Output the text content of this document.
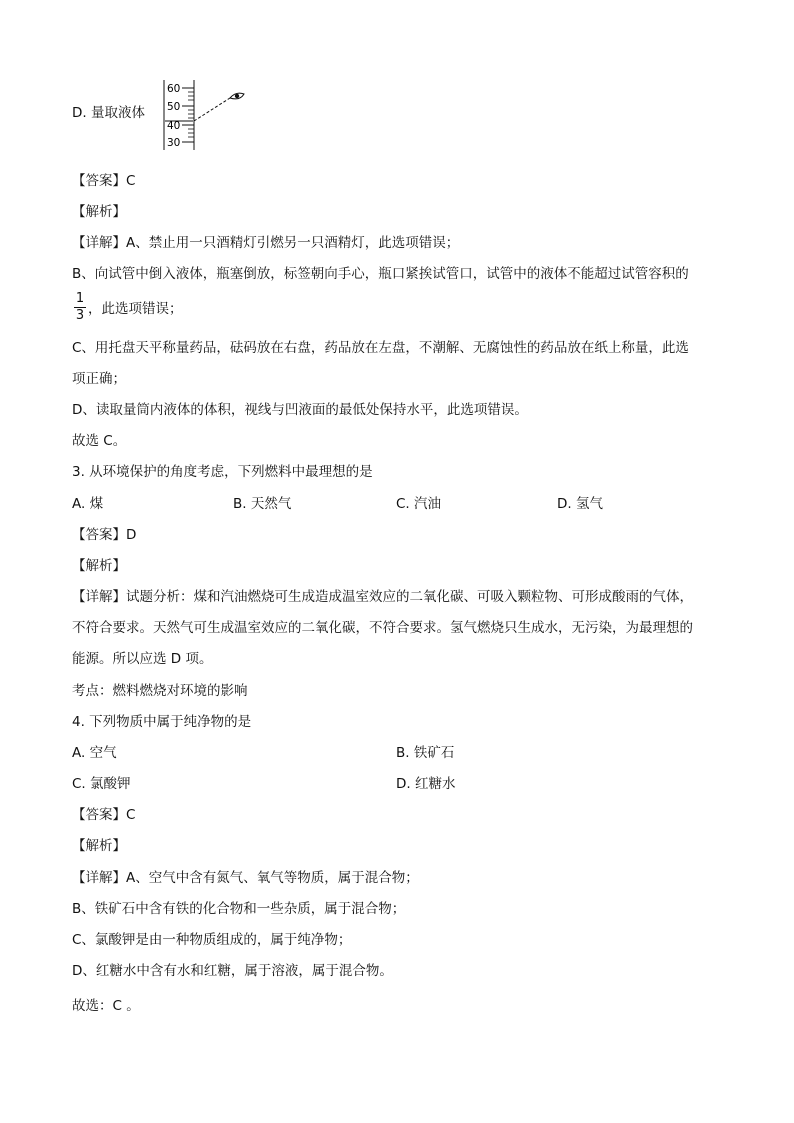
D. 量取液体
60
50
40
30
【答案】C
【解析】
【详解】A、禁止用一只酒精灯引燃另一只酒精灯，此选项错误；
B、向试管中倒入液体，瓶塞倒放，标签朝向手心，瓶口紧挨试管口，试管中的液体不能超过试管容积的
1
3 ，此选项错误；
C、用托盘天平称量药品，砝码放在右盘，药品放在左盘，不潮解、无腐蚀性的药品放在纸上称量，此选
项正确；
D、读取量筒内液体的体积，视线与凹液面的最低处保持水平，此选项错误。
故选 C。
3. 从环境保护的角度考虑，下列燃料中最理想的是
A. 煤	B. 天然气	C. 汽油	D. 氢气
【答案】D
【解析】
【详解】试题分析：煤和汽油燃烧可生成造成温室效应的二氧化碳、可吸入颗粒物、可形成酸雨的气体，
不符合要求。天然气可生成温室效应的二氧化碳，不符合要求。氢气燃烧只生成水，无污染，为最理想的
能源。所以应选 D 项。
考点：燃料燃烧对环境的影响
4. 下列物质中属于纯净物的是
A. 空气	B. 铁矿石
C. 氯酸钾	D. 红糖水
【答案】C
【解析】
【详解】A、空气中含有氮气、氧气等物质，属于混合物；
B、铁矿石中含有铁的化合物和一些杂质，属于混合物；
C、氯酸钾是由一种物质组成的，属于纯净物；
D、红糖水中含有水和红糖，属于溶液，属于混合物。
故选：C 。
